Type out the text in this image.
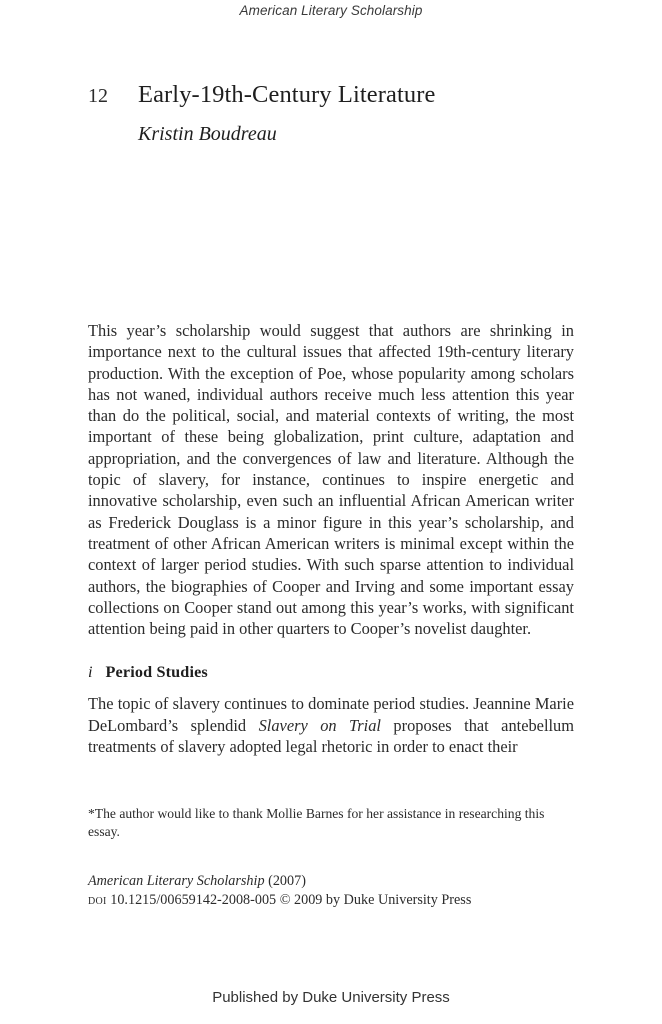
American Literary Scholarship
12	Early-19th-Century Literature
Kristin Boudreau

This year’s scholarship would suggest that authors are shrinking in importance next to the cultural issues that affected 19th-century literary production. With the exception of Poe, whose popularity among scholars has not waned, individual authors receive much less attention this year than do the political, social, and material contexts of writing, the most important of these being globalization, print culture, adaptation and appropriation, and the convergences of law and literature. Although the topic of slavery, for instance, continues to inspire energetic and innovative scholarship, even such an influential African American writer as Frederick Douglass is a minor figure in this year’s scholarship, and treatment of other African American writers is minimal except within the context of larger period studies. With such sparse attention to individual authors, the biographies of Cooper and Irving and some important essay collections on Cooper stand out among this year’s works, with significant attention being paid in other quarters to Cooper’s novelist daughter.

i Period Studies

The topic of slavery continues to dominate period studies. Jeannine Marie DeLombard’s splendid Slavery on Trial proposes that antebellum treatments of slavery adopted legal rhetoric in order to enact their

*The author would like to thank Mollie Barnes for her assistance in researching this essay.
American Literary Scholarship (2007)
doi 10.1215/00659142-2008-005 © 2009 by Duke University Press
Published by Duke University Press
